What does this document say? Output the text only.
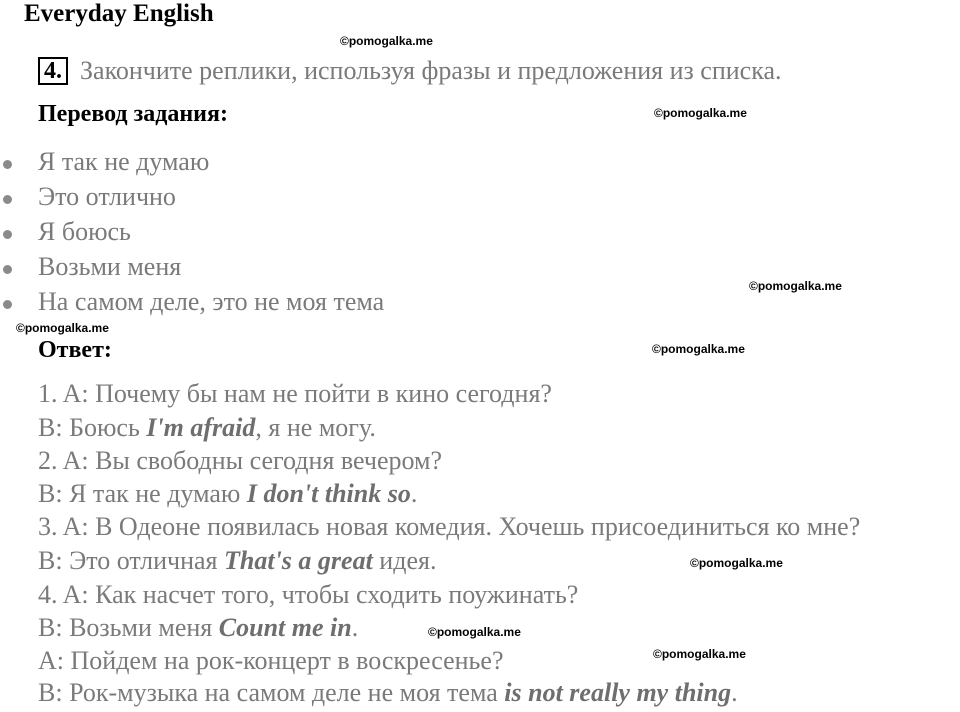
Everyday English
©pomogalka.me
©pomogalka.me
©pomogalka.me
©pomogalka.me
©pomogalka.me
©pomogalka.me
©pomogalka.me
©pomogalka.me
4. Закончите реплики, используя фразы и предложения из списка.
Перевод задания:
Я так не думаю
Это отлично
Я боюсь
Возьми меня
На самом деле, это не моя тема
Ответ:
1. A: Почему бы нам не пойти в кино сегодня?
B: Боюсь I'm afraid, я не могу.
2. A: Вы свободны сегодня вечером?
B: Я так не думаю I don't think so.
3. A: В Одеоне появилась новая комедия. Хочешь присоединиться ко мне?
B: Это отличная That's a great идея.
4. A: Как насчет того, чтобы сходить поужинать?
B: Возьми меня Count me in.
A: Пойдем на рок-концерт в воскресенье?
B: Рок-музыка на самом деле не моя тема is not really my thing.
